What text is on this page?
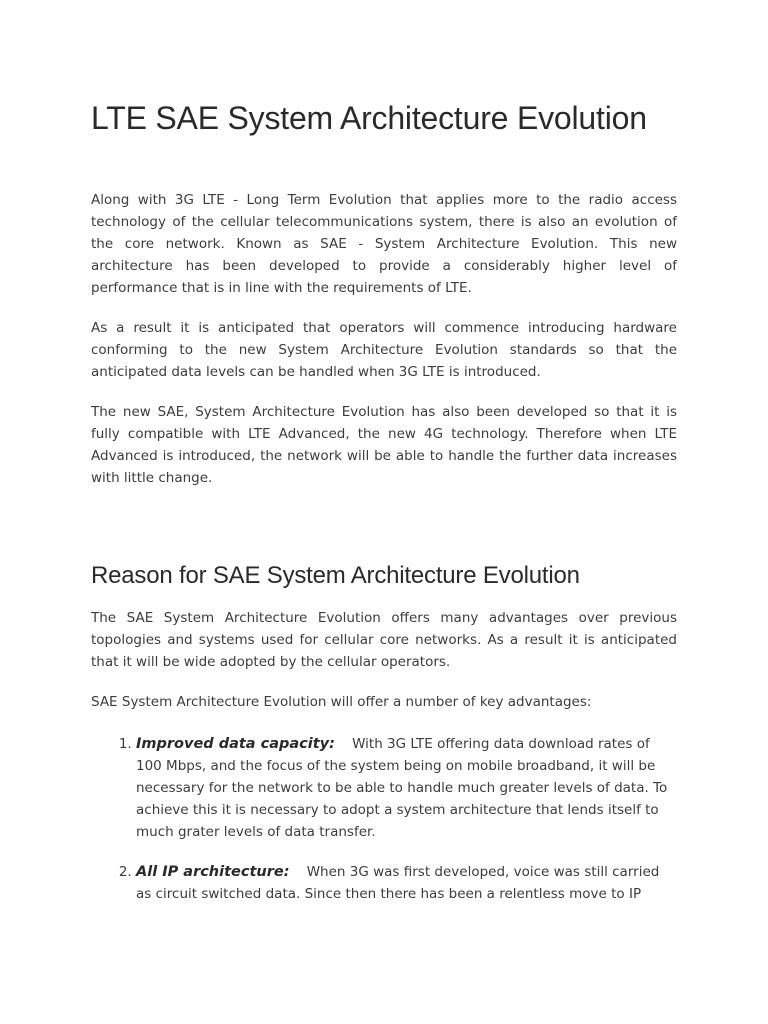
LTE SAE System Architecture Evolution

Along with 3G LTE - Long Term Evolution that applies more to the radio access technology of the cellular telecommunications system, there is also an evolution of the core network. Known as SAE - System Architecture Evolution. This new architecture has been developed to provide a considerably higher level of performance that is in line with the requirements of LTE.

As a result it is anticipated that operators will commence introducing hardware conforming to the new System Architecture Evolution standards so that the anticipated data levels can be handled when 3G LTE is introduced.

The new SAE, System Architecture Evolution has also been developed so that it is fully compatible with LTE Advanced, the new 4G technology. Therefore when LTE Advanced is introduced, the network will be able to handle the further data increases with little change.

Reason for SAE System Architecture Evolution

The SAE System Architecture Evolution offers many advantages over previous topologies and systems used for cellular core networks. As a result it is anticipated that it will be wide adopted by the cellular operators.

SAE System Architecture Evolution will offer a number of key advantages:

1. Improved data capacity: With 3G LTE offering data download rates of 100 Mbps, and the focus of the system being on mobile broadband, it will be necessary for the network to be able to handle much greater levels of data. To achieve this it is necessary to adopt a system architecture that lends itself to much grater levels of data transfer.
2. All IP architecture: When 3G was first developed, voice was still carried as circuit switched data. Since then there has been a relentless move to IP
